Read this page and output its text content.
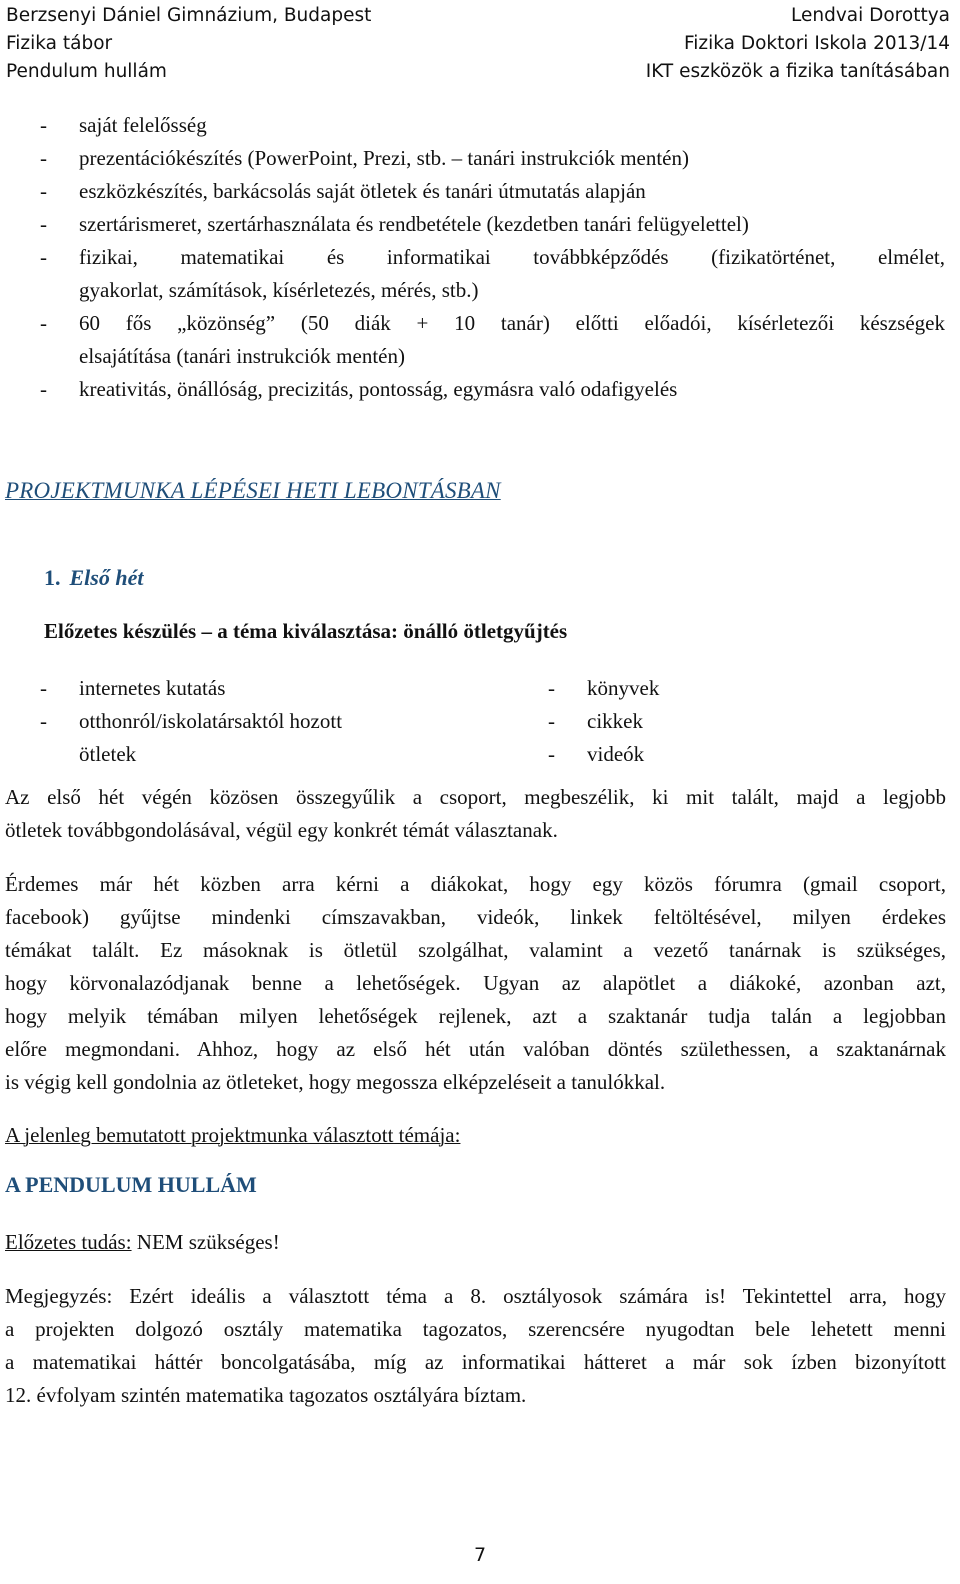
Berzsenyi Dániel Gimnázium, Budapest
Fizika tábor
Pendulum hullám
Lendvai Dorottya
Fizika Doktori Iskola 2013/14
IKT eszközök a fizika tanításában
- saját felelősség
- prezentációkészítés (PowerPoint, Prezi, stb. – tanári instrukciók mentén)
- eszközkészítés, barkácsolás saját ötletek és tanári útmutatás alapján
- szertárismeret, szertárhasználata és rendbetétele (kezdetben tanári felügyelettel)
- fizikai, matematikai és informatikai továbbképződés (fizikatörténet, elmélet,
gyakorlat, számítások, kísérletezés, mérés, stb.)
- 60 fős „közönség” (50 diák + 10 tanár) előtti előadói, kísérletezői készségek
elsajátítása (tanári instrukciók mentén)
- kreativitás, önállóság, precizitás, pontosság, egymásra való odafigyelés
PROJEKTMUNKA LÉPÉSEI HETI LEBONTÁSBAN
1. Első hét
Előzetes készülés – a téma kiválasztása: önálló ötletgyűjtés
- internetes kutatás
- otthonról/iskolatársaktól hozott
ötletek
- könyvek
- cikkek
- videók
Az első hét végén közösen összegyűlik a csoport, megbeszélik, ki mit talált, majd a legjobb
ötletek továbbgondolásával, végül egy konkrét témát választanak.
Érdemes már hét közben arra kérni a diákokat, hogy egy közös fórumra (gmail csoport,
facebook) gyűjtse mindenki címszavakban, videók, linkek feltöltésével, milyen érdekes
témákat talált. Ez másoknak is ötletül szolgálhat, valamint a vezető tanárnak is szükséges,
hogy körvonalazódjanak benne a lehetőségek. Ugyan az alapötlet a diákoké, azonban azt,
hogy melyik témában milyen lehetőségek rejlenek, azt a szaktanár tudja talán a legjobban
előre megmondani. Ahhoz, hogy az első hét után valóban döntés születhessen, a szaktanárnak
is végig kell gondolnia az ötleteket, hogy megossza elképzeléseit a tanulókkal.
A jelenleg bemutatott projektmunka választott témája:
A PENDULUM HULLÁM
Előzetes tudás: NEM szükséges!
Megjegyzés: Ezért ideális a választott téma a 8. osztályosok számára is! Tekintettel arra, hogy
a projekten dolgozó osztály matematika tagozatos, szerencsére nyugodtan bele lehetett menni
a matematikai háttér boncolgatásába, míg az informatikai hátteret a már sok ízben bizonyított
12. évfolyam szintén matematika tagozatos osztályára bíztam.
7
